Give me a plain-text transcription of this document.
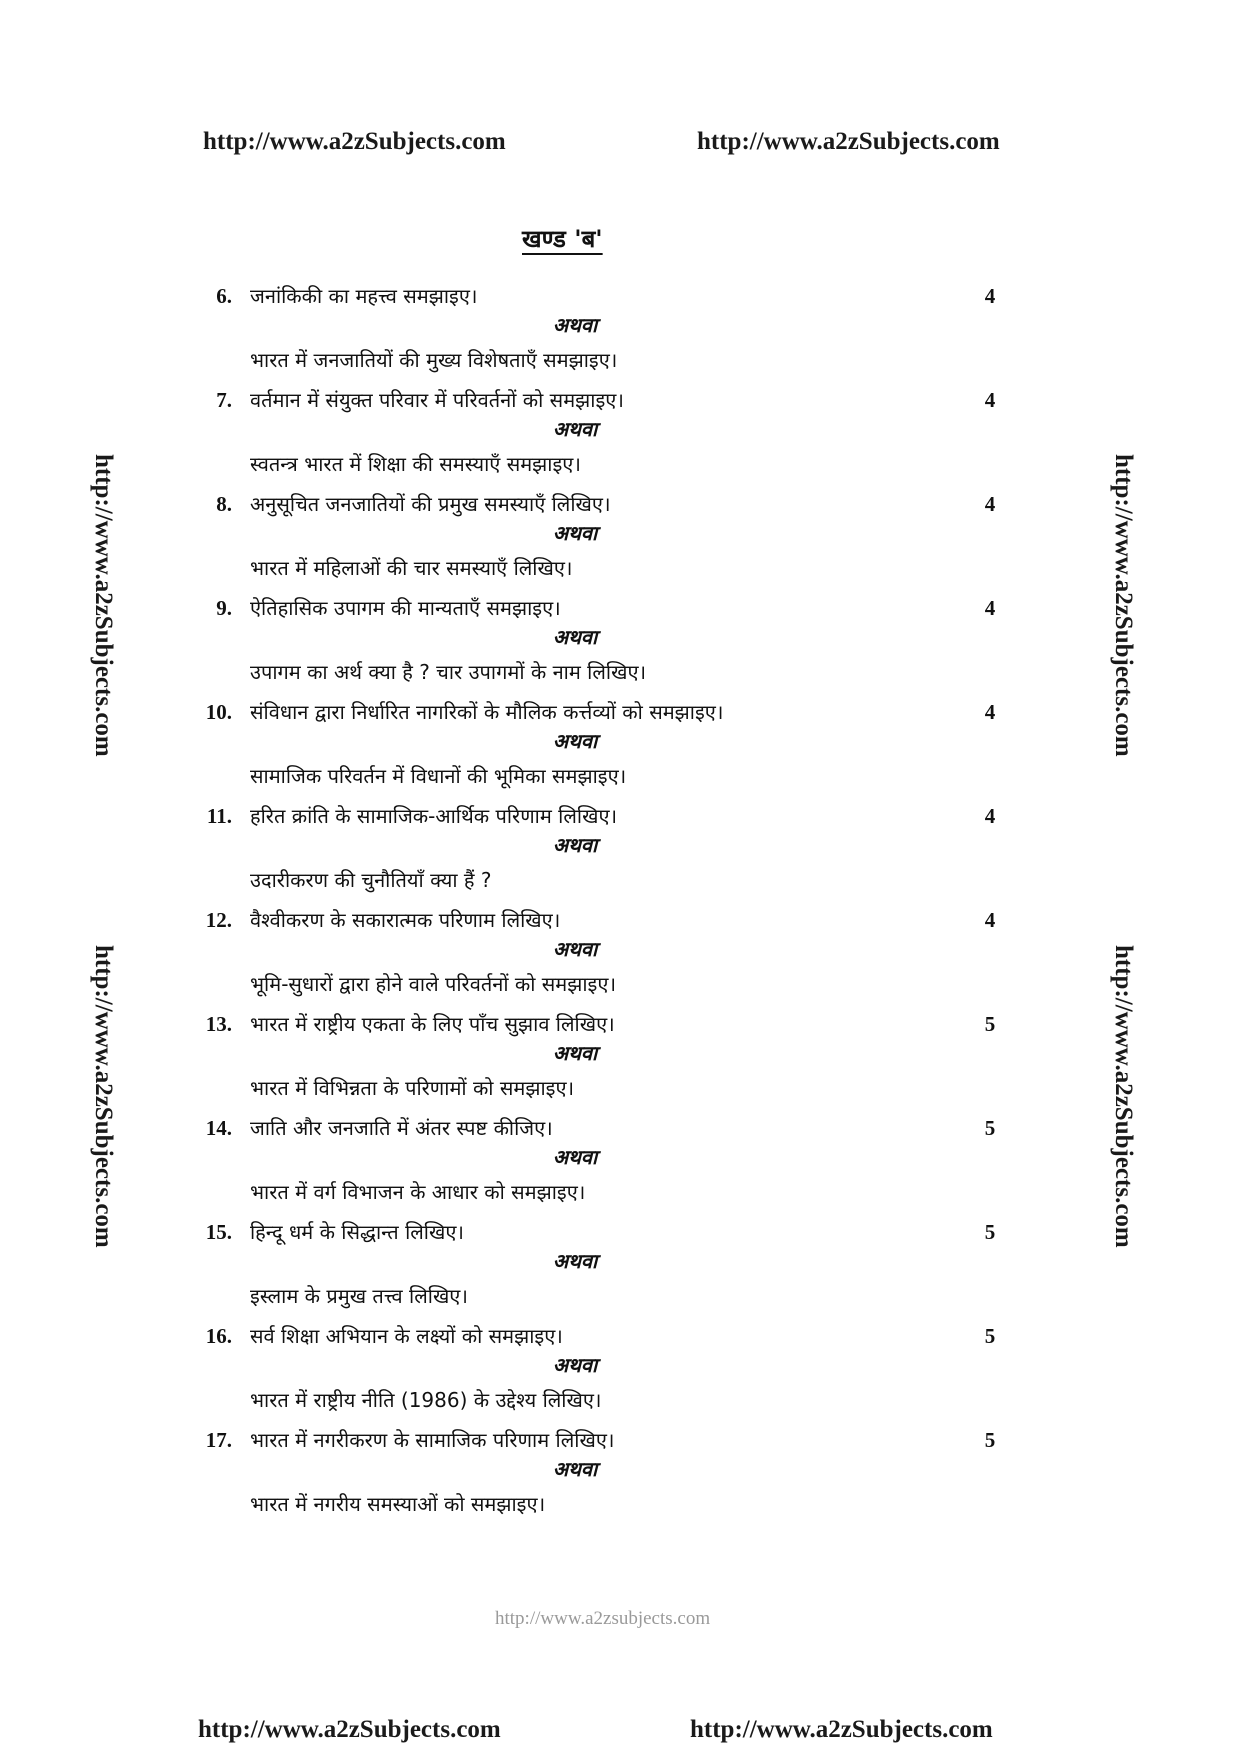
http://www.a2zSubjects.com	http://www.a2zSubjects.com
http://www.a2zSubjects.com
http://www.a2zSubjects.com
http://www.a2zSubjects.com
http://www.a2zSubjects.com
खण्ड 'ब'
6. जनांकिकी का महत्त्व समझाइए।	4
अथवा
भारत में जनजातियों की मुख्य विशेषताएँ समझाइए।
7. वर्तमान में संयुक्त परिवार में परिवर्तनों को समझाइए।	4
अथवा
स्वतन्त्र भारत में शिक्षा की समस्याएँ समझाइए।
8. अनुसूचित जनजातियों की प्रमुख समस्याएँ लिखिए।	4
अथवा
भारत में महिलाओं की चार समस्याएँ लिखिए।
9. ऐतिहासिक उपागम की मान्यताएँ समझाइए।	4
अथवा
उपागम का अर्थ क्या है ? चार उपागमों के नाम लिखिए।
10. संविधान द्वारा निर्धारित नागरिकों के मौलिक कर्त्तव्यों को समझाइए।	4
अथवा
सामाजिक परिवर्तन में विधानों की भूमिका समझाइए।
11. हरित क्रांति के सामाजिक-आर्थिक परिणाम लिखिए।	4
अथवा
उदारीकरण की चुनौतियाँ क्या हैं ?
12. वैश्वीकरण के सकारात्मक परिणाम लिखिए।	4
अथवा
भूमि-सुधारों द्वारा होने वाले परिवर्तनों को समझाइए।
13. भारत में राष्ट्रीय एकता के लिए पाँच सुझाव लिखिए।	5
अथवा
भारत में विभिन्नता के परिणामों को समझाइए।
14. जाति और जनजाति में अंतर स्पष्ट कीजिए।	5
अथवा
भारत में वर्ग विभाजन के आधार को समझाइए।
15. हिन्दू धर्म के सिद्धान्त लिखिए।	5
अथवा
इस्लाम के प्रमुख तत्त्व लिखिए।
16. सर्व शिक्षा अभियान के लक्ष्यों को समझाइए।	5
अथवा
भारत में राष्ट्रीय नीति (1986) के उद्देश्य लिखिए।
17. भारत में नगरीकरण के सामाजिक परिणाम लिखिए।	5
अथवा
भारत में नगरीय समस्याओं को समझाइए।
http://www.a2zsubjects.com
http://www.a2zSubjects.com	http://www.a2zSubjects.com
